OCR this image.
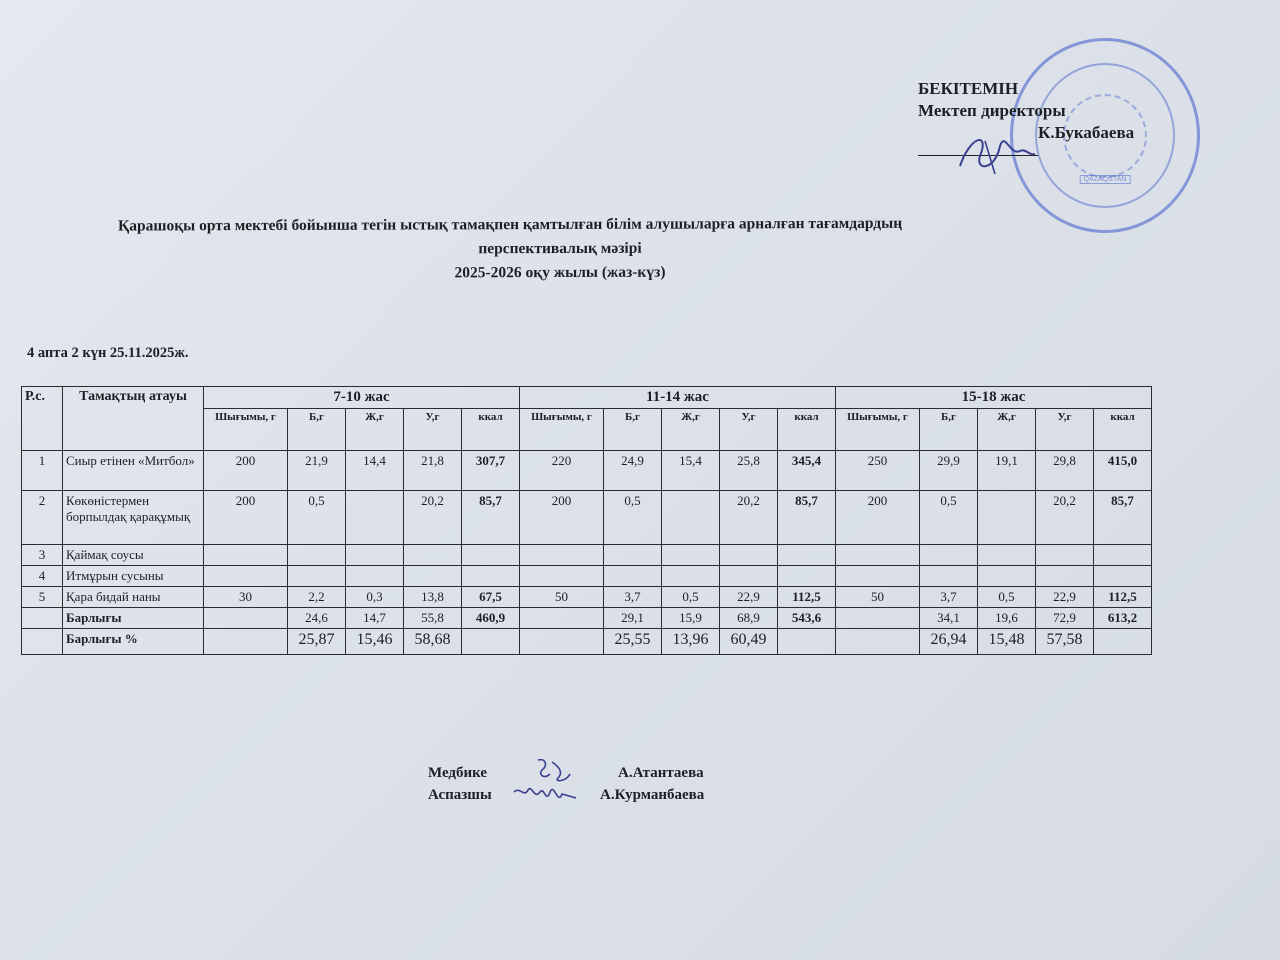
QAZAQSTAN
БЕКІТЕМІН
Мектеп директоры
К.Букабаева
Қарашоқы орта мектебі бойынша тегін ыстық тамақпен қамтылған білім алушыларға арналған тағамдардың
перспективалық мәзірі
2025-2026 оқу жылы (жаз-күз)
4 апта 2 күн 25.11.2025ж.
Р.с.	Тамақтың атауы	7-10 жас					11-14 жас					15-18 жас				
		Шығымы, г	Б,г	Ж,г	У,г	ккал	Шығымы, г	Б,г	Ж,г	У,г	ккал	Шығымы, г	Б,г	Ж,г	У,г	ккал
1	Сиыр етінен «Митбол»	200	21,9	14,4	21,8	307,7	220	24,9	15,4	25,8	345,4	250	29,9	19,1	29,8	415,0
2	Көкөністермен борпылдақ қарақұмық	200	0,5		20,2	85,7	200	0,5		20,2	85,7	200	0,5		20,2	85,7
3	Қаймақ соусы															
4	Итмұрын сусыны															
5	Қара бидай наны	30	2,2	0,3	13,8	67,5	50	3,7	0,5	22,9	112,5	50	3,7	0,5	22,9	112,5
	Барлығы		24,6	14,7	55,8	460,9		29,1	15,9	68,9	543,6		34,1	19,6	72,9	613,2
	Барлығы %		25,87	15,46	58,68			25,55	13,96	60,49			26,94	15,48	57,58	
Медбике	А.Атантаева
Аспазшы	А.Курманбаева
